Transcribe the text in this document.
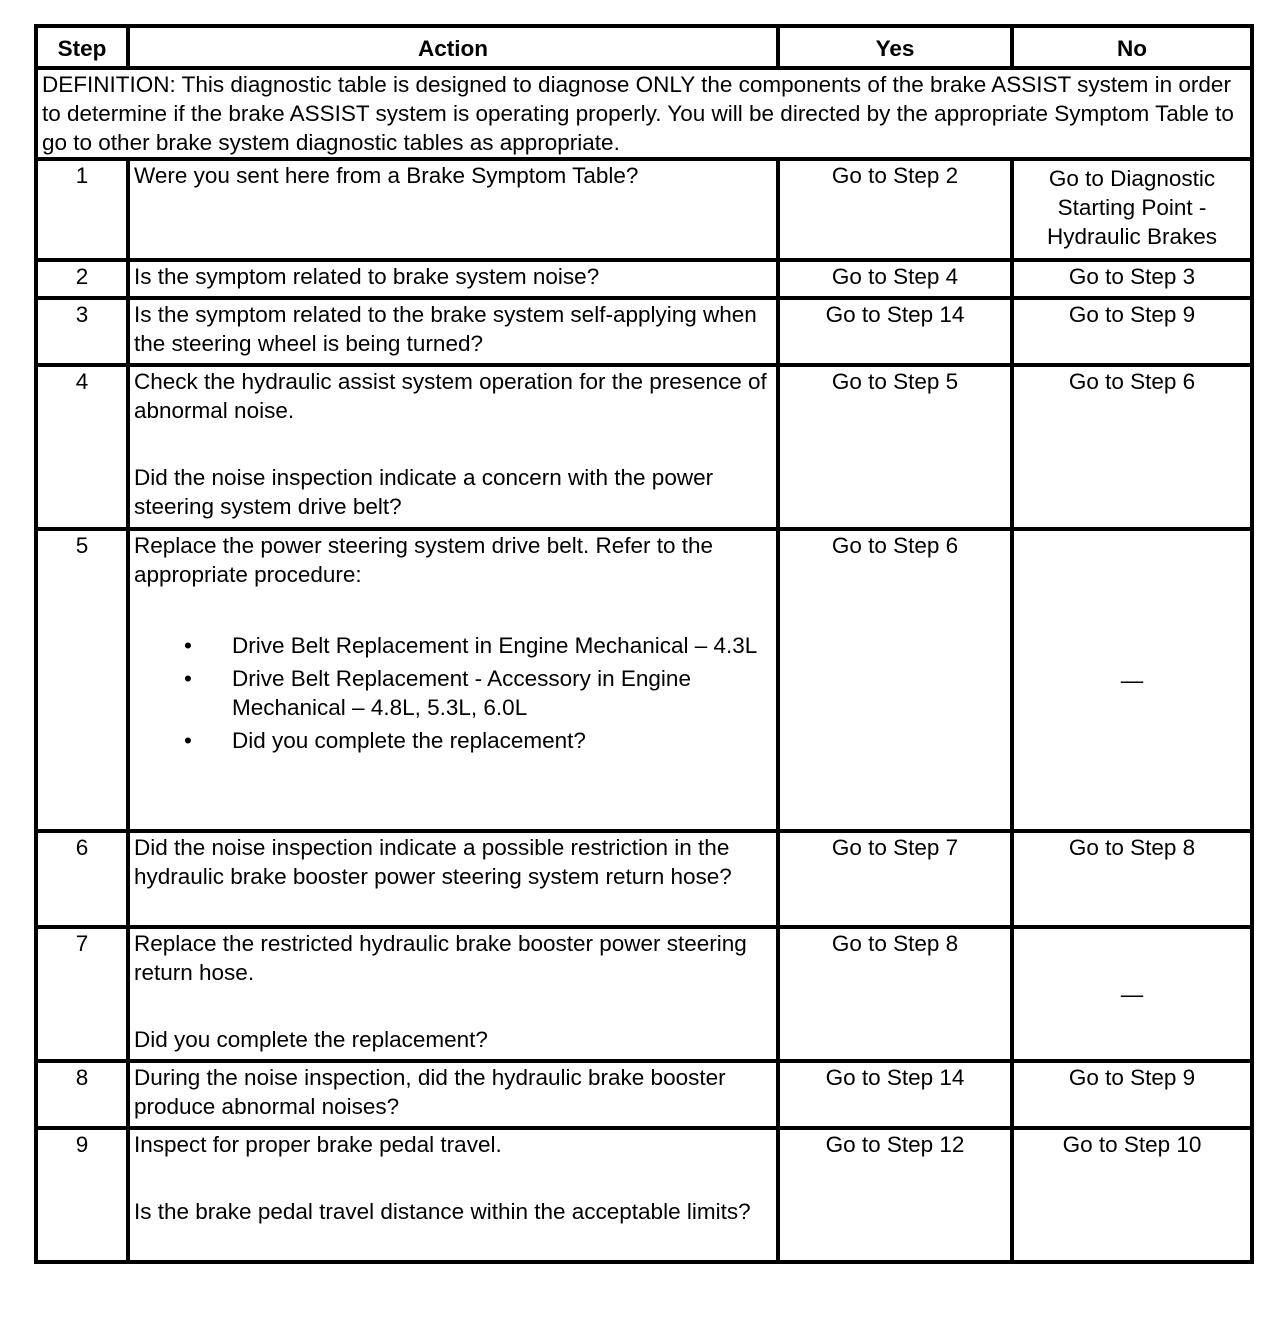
Step	Action	Yes	No
DEFINITION: This diagnostic table is designed to diagnose ONLY the components of the brake ASSIST system in order to determine if the brake ASSIST system is operating properly. You will be directed by the appropriate Symptom Table to go to other brake system diagnostic tables as appropriate.			
1	Were you sent here from a Brake Symptom Table?	Go to Step 2	Go to Diagnostic Starting Point - Hydraulic Brakes

2	Is the symptom related to brake system noise?	Go to Step 4	Go to Step 3
3	Is the symptom related to the brake system self-applying when the steering wheel is being turned?	Go to Step 14	Go to Step 9
4	Check the hydraulic assist system operation for the presence of abnormal noise.
Did the noise inspection indicate a concern with the power steering system drive belt?	Go to Step 5	Go to Step 6
5	Replace the power steering system drive belt. Refer to the appropriate procedure:
• Drive Belt Replacement in Engine Mechanical – 4.3L
• Drive Belt Replacement - Accessory in Engine Mechanical – 4.8L, 5.3L, 6.0L
• Did you complete the replacement?
	Go to Step 6	—
6	Did the noise inspection indicate a possible restriction in the hydraulic brake booster power steering system return hose?	Go to Step 7	Go to Step 8
7	Replace the restricted hydraulic brake booster power steering return hose.
Did you complete the replacement?	Go to Step 8	—
8	During the noise inspection, did the hydraulic brake booster produce abnormal noises?	Go to Step 14	Go to Step 9
9	Inspect for proper brake pedal travel.
Is the brake pedal travel distance within the acceptable limits?	Go to Step 12	Go to Step 10
